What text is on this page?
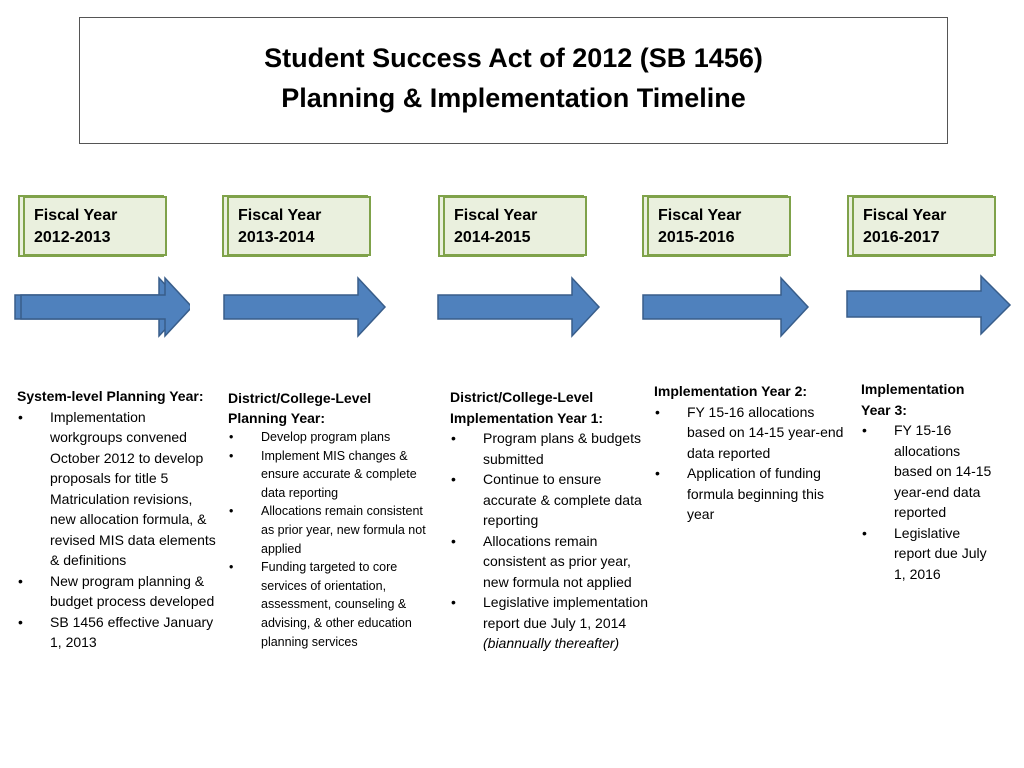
Student Success Act of 2012 (SB 1456)
Planning & Implementation Timeline
Fiscal Year
2012-2013
Fiscal Year
2013-2014
Fiscal Year
2014-2015
Fiscal Year
2015-2016
Fiscal Year
2016-2017
System-level Planning Year:
• Implementation workgroups convened October 2012 to develop proposals for title 5 Matriculation revisions, new allocation formula, & revised MIS data elements & definitions
• New program planning & budget process developed
• SB 1456 effective January 1, 2013
District/College-Level Planning Year:
• Develop program plans
• Implement MIS changes & ensure accurate & complete data reporting
• Allocations remain consistent as prior year, new formula not applied
• Funding targeted to core services of orientation, assessment, counseling & advising, & other education planning services
District/College-Level Implementation Year 1:
• Program plans & budgets submitted
• Continue to ensure accurate & complete data reporting
• Allocations remain consistent as prior year, new formula not applied
• Legislative implementation report due July 1, 2014
(biannually thereafter)
Implementation Year 2:
• FY 15-16 allocations based on 14-15 year-end data reported
• Application of funding formula beginning this year
Implementation Year 3:
• FY 15-16 allocations based on 14-15 year-end data reported
• Legislative report due July 1, 2016
